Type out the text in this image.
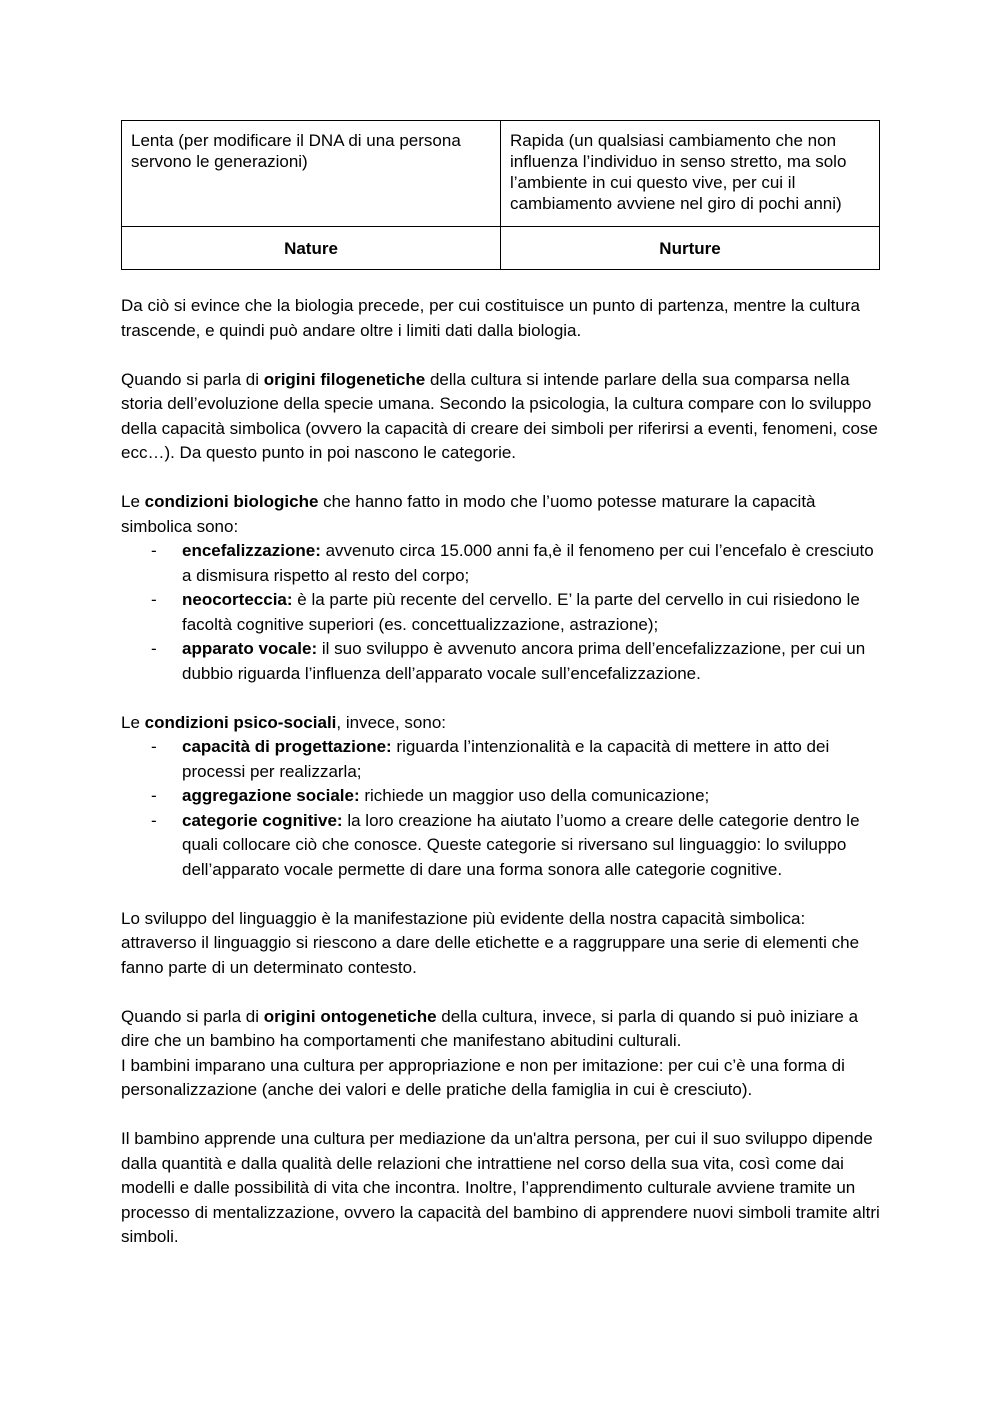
Lenta (per modificare il DNA di una persona servono le generazioni)	Rapida (un qualsiasi cambiamento che non influenza l’individuo in senso stretto, ma solo l’ambiente in cui questo vive, per cui il cambiamento avviene nel giro di pochi anni)
Nature	Nurture

Da ciò si evince che la biologia precede, per cui costituisce un punto di partenza, mentre la cultura trascende, e quindi può andare oltre i limiti dati dalla biologia.

Quando si parla di origini filogenetiche della cultura si intende parlare della sua comparsa nella storia dell’evoluzione della specie umana. Secondo la psicologia, la cultura compare con lo sviluppo della capacità simbolica (ovvero la capacità di creare dei simboli per riferirsi a eventi, fenomeni, cose ecc…). Da questo punto in poi nascono le categorie.

Le condizioni biologiche che hanno fatto in modo che l’uomo potesse maturare la capacità simbolica sono:

- encefalizzazione: avvenuto circa 15.000 anni fa,è il fenomeno per cui l’encefalo è cresciuto a dismisura rispetto al resto del corpo;
- neocorteccia: è la parte più recente del cervello. E’ la parte del cervello in cui risiedono le facoltà cognitive superiori (es. concettualizzazione, astrazione);
- apparato vocale: il suo sviluppo è avvenuto ancora prima dell’encefalizzazione, per cui un dubbio riguarda l’influenza dell’apparato vocale sull’encefalizzazione.

Le condizioni psico-sociali, invece, sono:

- capacità di progettazione: riguarda l’intenzionalità e la capacità di mettere in atto dei processi per realizzarla;
- aggregazione sociale: richiede un maggior uso della comunicazione;
- categorie cognitive: la loro creazione ha aiutato l’uomo a creare delle categorie dentro le quali collocare ciò che conosce. Queste categorie si riversano sul linguaggio: lo sviluppo dell’apparato vocale permette di dare una forma sonora alle categorie cognitive.

Lo sviluppo del linguaggio è la manifestazione più evidente della nostra capacità simbolica: attraverso il linguaggio si riescono a dare delle etichette e a raggruppare una serie di elementi che fanno parte di un determinato contesto.

Quando si parla di origini ontogenetiche della cultura, invece, si parla di quando si può iniziare a dire che un bambino ha comportamenti che manifestano abitudini culturali.

I bambini imparano una cultura per appropriazione e non per imitazione: per cui c’è una forma di personalizzazione (anche dei valori e delle pratiche della famiglia in cui è cresciuto).

Il bambino apprende una cultura per mediazione da un'altra persona, per cui il suo sviluppo dipende dalla quantità e dalla qualità delle relazioni che intrattiene nel corso della sua vita, così come dai modelli e dalle possibilità di vita che incontra. Inoltre, l’apprendimento culturale avviene tramite un processo di mentalizzazione, ovvero la capacità del bambino di apprendere nuovi simboli tramite altri simboli.
